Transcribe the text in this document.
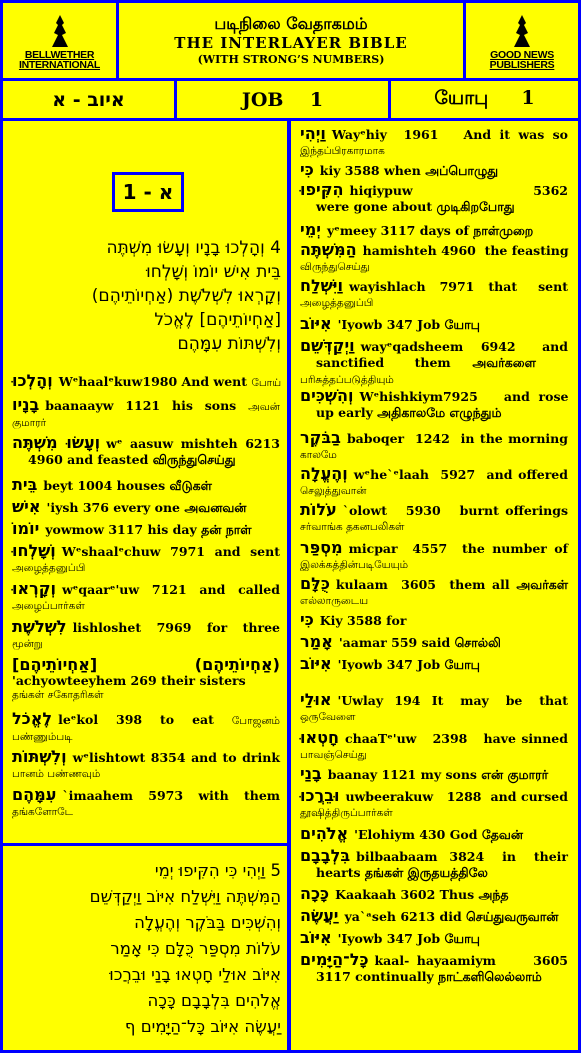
BELLWETHER
INTERNATIONAL
படிநிலை வேதாகமம்
THE INTERLAYER BIBLE
(WITH STRONG’S NUMBERS)	GOOD NEWS
PUBLISHERS
איוב - א	JOB    1	யோபு     1
א - 1
4 וְהָלְכוּ בָנָיו וְעָשׂוּ מִשְׁתֶּה
בֵּית אִישׁ יוֹמוֹ וְשָׁלְחוּ
וְקָרְאוּ לִשְׁלֹשֶׁת (אַחְיוֹתֵיהֶם)
[אַחְיוֹתֵיהֶם] לֶאֱכֹל
וְלִשְׁתּוֹת עִמָּהֶם
וְהָלְכוּ Wᵉhaalᵉkuw1980 And went போய்
בָנָיו baanaayw 1121 his sons அவன்
குமாரர்
וְעָשׂוּ מִשְׁתֶּה wᵉ aasuw mishteh 6213
4960 and feasted விருந்துசெய்து
בֵּית beyt 1004 houses வீடுகள்
אִישׁ 'iysh 376 every one அவனவன்
יוֹמוֹ yowmow 3117 his day தன் நாள்
וְשָׁלְחוּ Wᵉshaalᵉchuw 7971 and sent
அழைத்தனுப்பி
וְקָרְאוּ wᵉqaarᵉ'uw 7121 and called
அழைப்பார்கள்
לִשְׁלֹשֶׁת lishloshet 7969 for three
மூன்று
[אַחְיוֹתֵיהֶם]	(אַחְיוֹתֵיהֶם)
'achyowteeyhem 269 their sisters
தங்கள் சகோதரிகள்
לֶאֱכֹל leᵉkol 398 to eat போஜனம்
பண்ணும்படி
וְלִשְׁתּוֹת wᵉlishtowt 8354 and to drink
பானம் பண்ணவும்
עִמָּהֶם `imaahem 5973 with them
தங்களோடே
5 וַיְהִי כִּי הִקִּיפוּ יְמֵי
הַמִּשְׁתֶּה וַיִּשְׁלַח אִיּוֹב וַיְקַדְּשֵׁם
וְהִשְׁכִּים בַּבֹּקֶר וְהֶעֱלָה
עֹלוֹת מִסְפַּר כֻּלָּם כִּי אָמַר
אִיּוֹב אוּלַי חָטְאוּ בָנַי וּבֵרֲכוּ
אֱלֹהִים בִּלְבָבָם כָּכָה
יַעֲשֶׂה אִיּוֹב כָּל־הַיָּמִים ף
וַיְהִי Wayᵉhiy  1961   And it was so
இந்தப்பிரகாரமாக
כִּי kiy 3588 when அப்பொழுது
הִקִּיפוּ hiqiypuw               5362
were gone about முடிகிறபோது
יְמֵי yᵉmeey 3117 days of நாள்முறை
הַמִּשְׁתֶּה hamishteh 4960  the feasting
விருந்துசெய்து
וַיִּשְׁלַח wayishlach  7971  that   sent
அழைத்தனுப்பி
אִיּוֹב 'Iyowb 347 Job யோபு
וַיְקַדְּשֵׁם wayᵉqadsheem  6942   and
sanctified       them     அவர்களை
பரிசுத்தப்படுத்தியும்
וְהִשְׁכִּים Wᵉhishkiym7925      and  rose
up early அதிகாலமே எழுந்தும்
בַבֹּקֶר baboqer  1242  in the morning
காலமே
וְהֶעֱלָה wᵉhe`ᵉlaah  5927  and offered
செலுத்துவான்
עֹלוֹת `olowt   5930   burnt offerings
சர்வாங்க தகனபலிகள்
מִסְפַּר micpar  4557  the number of
இலக்கத்தின்படியேயும்
כֻּלָּם kulaam  3605  them all அவர்கள்
எல்லாருடைய
כִּי Kiy 3588 for
אָמַר 'aamar 559 said சொல்லி
אִיּוֹב 'Iyowb 347 Job யோபு
אוּלַי 'Uwlay  194  It   may   be   that
ஒருவேளை
חָטְאוּ chaaTᵉ'uw   2398   have sinned
பாவஞ்செய்து
בָנַי baanay 1121 my sons என் குமாரர்
וּבֵרֲכוּ uwbeerakuw   1288  and cursed
தூஷித்திருப்பார்கள்
אֱלֹהִים 'Elohiym 430 God தேவன்
בִּלְבָבָם bilbaabaam  3824   in   their
hearts தங்கள் இருதயத்திலே
כָּכָה Kaakaah 3602 Thus அந்த
יַעֲשֶׂה ya`ᵃseh 6213 did செய்துவருவான்
אִיּוֹב 'Iyowb 347 Job யோபு
כָּל־הַיָּמִים kaal- hayaamiym     3605
3117 continually நாட்களிலெல்லாம்
